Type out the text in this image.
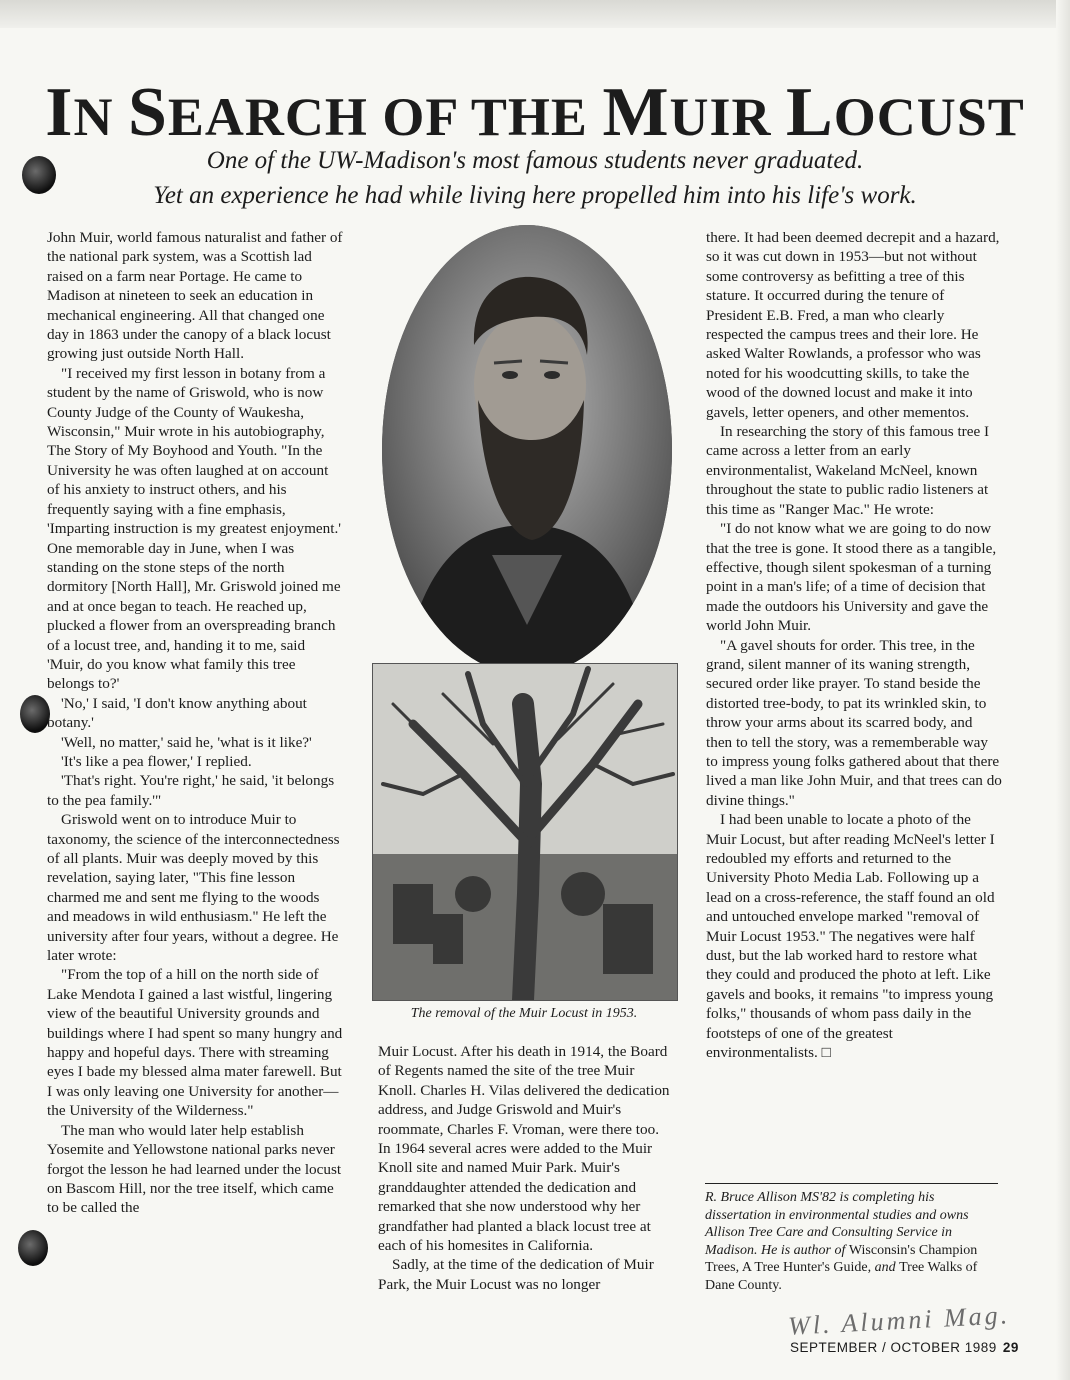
IN SEARCH OF THE MUIR LOCUST
One of the UW-Madison's most famous students never graduated.
Yet an experience he had while living here propelled him into his life's work.

John Muir, world famous naturalist and father of the national park system, was a Scottish lad raised on a farm near Portage. He came to Madison at nineteen to seek an education in mechanical engineering. All that changed one day in 1863 under the canopy of a black locust growing just outside North Hall.

"I received my first lesson in botany from a student by the name of Griswold, who is now County Judge of the County of Waukesha, Wisconsin," Muir wrote in his autobiography, The Story of My Boyhood and Youth. "In the University he was often laughed at on account of his anxiety to instruct others, and his frequently saying with a fine emphasis, 'Imparting instruction is my greatest enjoyment.' One memorable day in June, when I was standing on the stone steps of the north dormitory [North Hall], Mr. Griswold joined me and at once began to teach. He reached up, plucked a flower from an overspreading branch of a locust tree, and, handing it to me, said 'Muir, do you know what family this tree belongs to?'

'No,' I said, 'I don't know anything about botany.'

'Well, no matter,' said he, 'what is it like?'

'It's like a pea flower,' I replied.

'That's right. You're right,' he said, 'it belongs to the pea family.'"

Griswold went on to introduce Muir to taxonomy, the science of the interconnectedness of all plants. Muir was deeply moved by this revelation, saying later, "This fine lesson charmed me and sent me flying to the woods and meadows in wild enthusiasm." He left the university after four years, without a degree. He later wrote:

"From the top of a hill on the north side of Lake Mendota I gained a last wistful, lingering view of the beautiful University grounds and buildings where I had spent so many hungry and happy and hopeful days. There with streaming eyes I bade my blessed alma mater farewell. But I was only leaving one University for another—the University of the Wilderness."

The man who would later help establish Yosemite and Yellowstone national parks never forgot the lesson he had learned under the locust on Bascom Hill, nor the tree itself, which came to be called the

The removal of the Muir Locust in 1953.

Muir Locust. After his death in 1914, the Board of Regents named the site of the tree Muir Knoll. Charles H. Vilas delivered the dedication address, and Judge Griswold and Muir's roommate, Charles F. Vroman, were there too. In 1964 several acres were added to the Muir Knoll site and named Muir Park. Muir's granddaughter attended the dedication and remarked that she now understood why her grandfather had planted a black locust tree at each of his homesites in California.

Sadly, at the time of the dedication of Muir Park, the Muir Locust was no longer

there. It had been deemed decrepit and a hazard, so it was cut down in 1953—but not without some controversy as befitting a tree of this stature. It occurred during the tenure of President E.B. Fred, a man who clearly respected the campus trees and their lore. He asked Walter Rowlands, a professor who was noted for his woodcutting skills, to take the wood of the downed locust and make it into gavels, letter openers, and other mementos.

In researching the story of this famous tree I came across a letter from an early environmentalist, Wakeland McNeel, known throughout the state to public radio listeners at this time as "Ranger Mac." He wrote:

"I do not know what we are going to do now that the tree is gone. It stood there as a tangible, effective, though silent spokesman of a turning point in a man's life; of a time of decision that made the outdoors his University and gave the world John Muir.

"A gavel shouts for order. This tree, in the grand, silent manner of its waning strength, secured order like prayer. To stand beside the distorted tree-body, to pat its wrinkled skin, to throw your arms about its scarred body, and then to tell the story, was a rememberable way to impress young folks gathered about that there lived a man like John Muir, and that trees can do divine things."

I had been unable to locate a photo of the Muir Locust, but after reading McNeel's letter I redoubled my efforts and returned to the University Photo Media Lab. Following up a lead on a cross-reference, the staff found an old and untouched envelope marked "removal of Muir Locust 1953." The negatives were half dust, but the lab worked hard to restore what they could and produced the photo at left. Like gavels and books, it remains "to impress young folks," thousands of whom pass daily in the footsteps of one of the greatest environmentalists. □

R. Bruce Allison MS'82 is completing his dissertation in environmental studies and owns Allison Tree Care and Consulting Service in Madison. He is author of Wisconsin's Champion Trees, A Tree Hunter's Guide, and Tree Walks of Dane County.
Wl. Alumni Mag.
SEPTEMBER / OCTOBER 1989 29
